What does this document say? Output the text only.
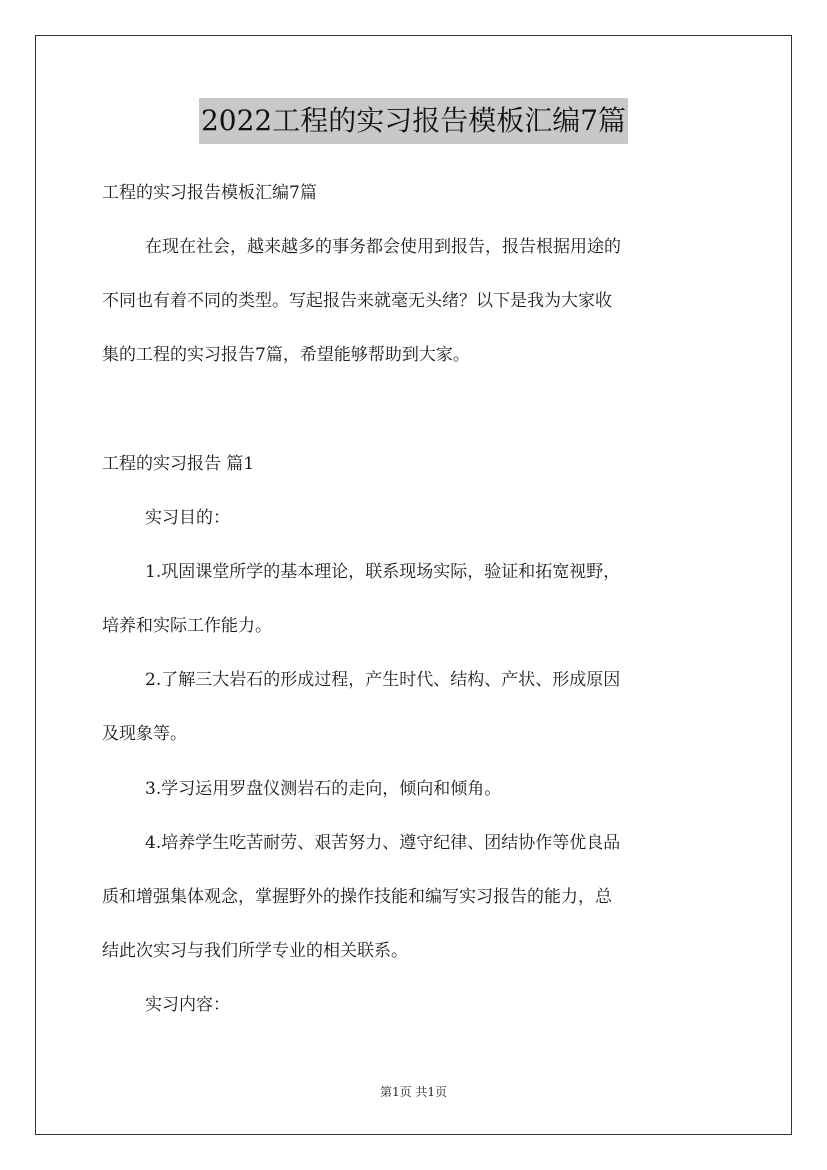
2022工程的实习报告模板汇编7篇
工程的实习报告模板汇编7篇
在现在社会，越来越多的事务都会使用到报告，报告根据用途的
不同也有着不同的类型。写起报告来就毫无头绪？以下是我为大家收
集的工程的实习报告7篇，希望能够帮助到大家。
工程的实习报告 篇1
实习目的：
1.巩固课堂所学的基本理论，联系现场实际，验证和拓宽视野，
培养和实际工作能力。
2.了解三大岩石的形成过程，产生时代、结构、产状、形成原因
及现象等。
3.学习运用罗盘仪测岩石的走向，倾向和倾角。
4.培养学生吃苦耐劳、艰苦努力、遵守纪律、团结协作等优良品
质和增强集体观念，掌握野外的操作技能和编写实习报告的能力，总
结此次实习与我们所学专业的相关联系。
实习内容：
第1页 共1页
